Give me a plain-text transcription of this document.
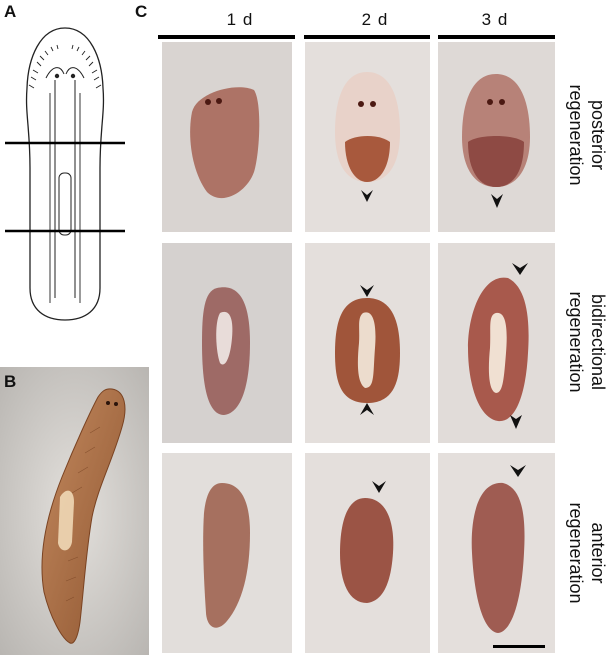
A
B
C	1 d	2 d	3 d
posterior
regeneration
bidirectional
regeneration
anterior
regeneration
